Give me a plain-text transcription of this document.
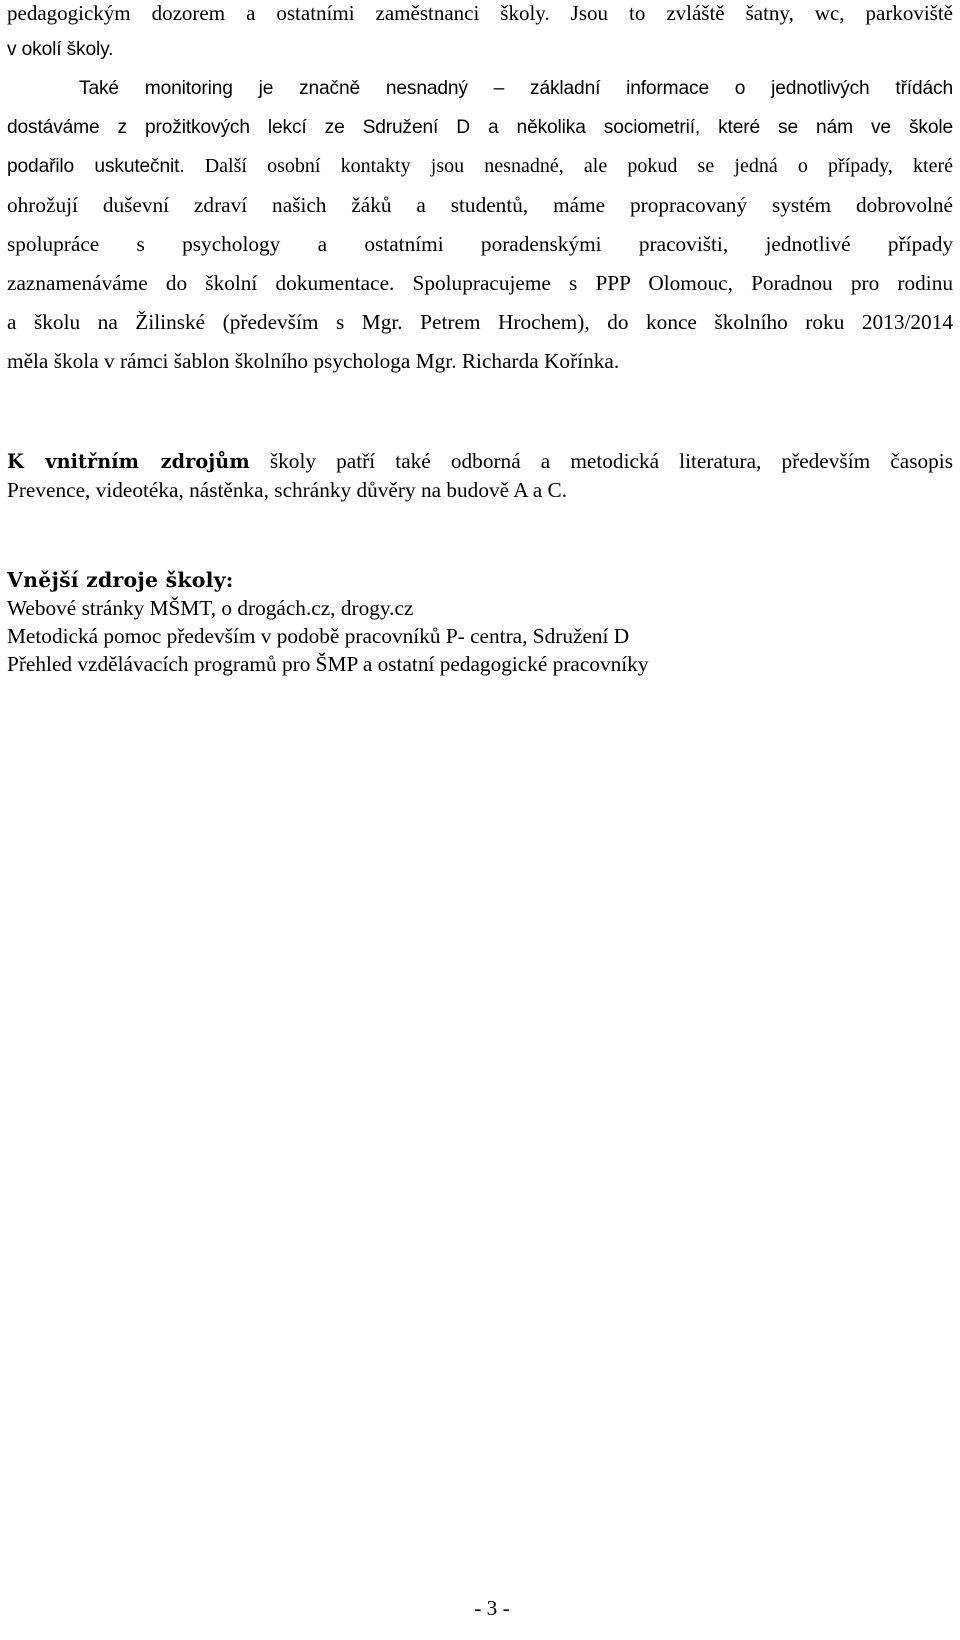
pedagogickým dozorem a ostatními zaměstnanci školy. Jsou to zvláště šatny, wc, parkoviště
v okolí školy.
Také monitoring je značně nesnadný – základní informace o jednotlivých třídách
dostáváme z prožitkových lekcí ze Sdružení D a několika sociometrií, které se nám ve škole
podařilo uskutečnit. Další osobní kontakty jsou nesnadné, ale pokud se jedná o případy, které
ohrožují duševní zdraví našich žáků a studentů, máme propracovaný systém dobrovolné
spolupráce s psychology a ostatními poradenskými pracovišti, jednotlivé případy
zaznamenáváme do školní dokumentace. Spolupracujeme s PPP Olomouc, Poradnou pro rodinu
a školu na Žilinské (především s Mgr. Petrem Hrochem), do konce školního roku 2013/2014
měla škola v rámci šablon školního psychologa Mgr. Richarda Kořínka.
K vnitřním zdrojům školy patří také odborná a metodická literatura, především časopis
Prevence, videotéka, nástěnka, schránky důvěry na budově A a C.
Vnější zdroje školy:
Webové stránky MŠMT, o drogách.cz, drogy.cz
Metodická pomoc především v podobě pracovníků P- centra, Sdružení D
Přehled vzdělávacích programů pro ŠMP a ostatní pedagogické pracovníky
- 3 -
